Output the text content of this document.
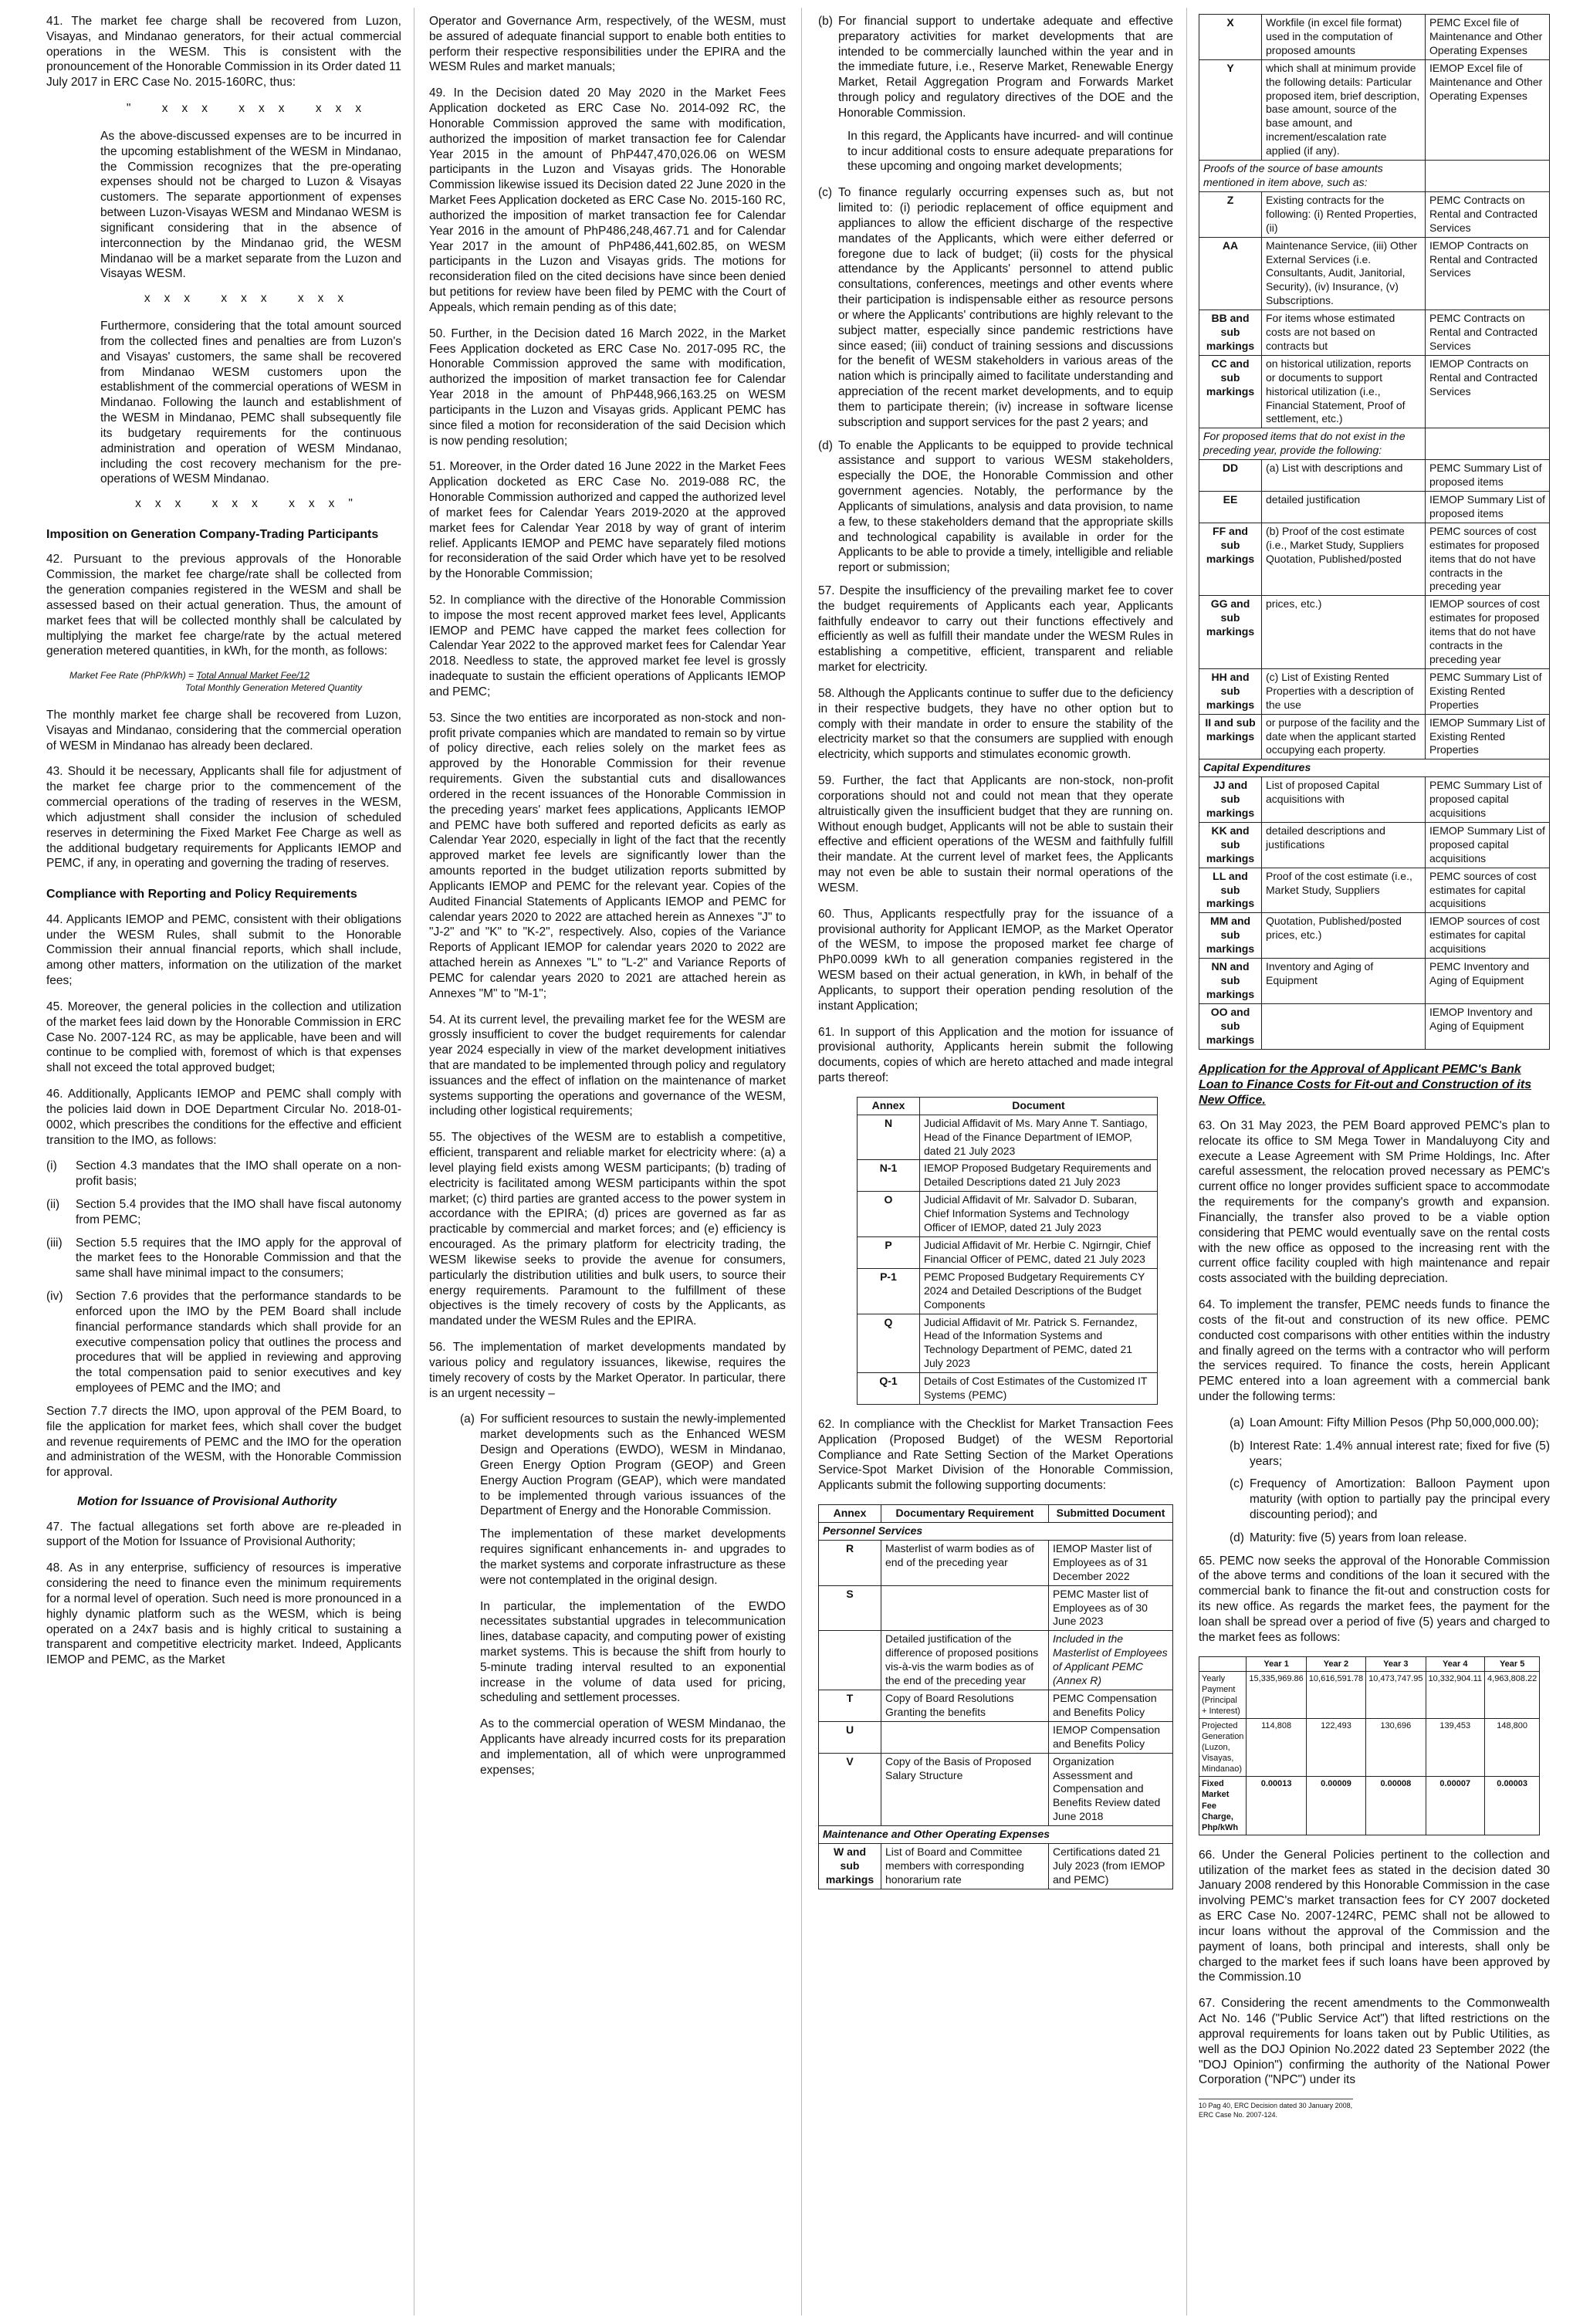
41. The market fee charge shall be recovered from Luzon, Visayas, and Mindanao generators, for their actual commercial operations in the WESM. This is consistent with the pronouncement of the Honorable Commission in its Order dated 11 July 2017 in ERC Case No. 2015-160RC, thus:

" xxx xxx xxx

As the above-discussed expenses are to be incurred in the upcoming establishment of the WESM in Mindanao, the Commission recognizes that the pre-operating expenses should not be charged to Luzon & Visayas customers. The separate apportionment of expenses between Luzon-Visayas WESM and Mindanao WESM is significant considering that in the absence of interconnection by the Mindanao grid, the WESM Mindanao will be a market separate from the Luzon and Visayas WESM.

xxx xxx xxx

Furthermore, considering that the total amount sourced from the collected fines and penalties are from Luzon's and Visayas' customers, the same shall be recovered from Mindanao WESM customers upon the establishment of the commercial operations of WESM in Mindanao. Following the launch and establishment of the WESM in Mindanao, PEMC shall subsequently file its budgetary requirements for the continuous administration and operation of WESM Mindanao, including the cost recovery mechanism for the pre-operations of WESM Mindanao.

xxx xxx xxx"
Imposition on Generation Company-Trading Participants

42. Pursuant to the previous approvals of the Honorable Commission, the market fee charge/rate shall be collected from the generation companies registered in the WESM and shall be assessed based on their actual generation. Thus, the amount of market fees that will be collected monthly shall be calculated by multiplying the market fee charge/rate by the actual metered generation metered quantities, in kWh, for the month, as follows:

Market Fee Rate (PhP/kWh) = Total Annual Market Fee/12
Total Monthly Generation Metered Quantity

The monthly market fee charge shall be recovered from Luzon, Visayas and Mindanao, considering that the commercial operation of WESM in Mindanao has already been declared.

43. Should it be necessary, Applicants shall file for adjustment of the market fee charge prior to the commencement of the commercial operations of the trading of reserves in the WESM, which adjustment shall consider the inclusion of scheduled reserves in determining the Fixed Market Fee Charge as well as the additional budgetary requirements for Applicants IEMOP and PEMC, if any, in operating and governing the trading of reserves.

Compliance with Reporting and Policy Requirements

44. Applicants IEMOP and PEMC, consistent with their obligations under the WESM Rules, shall submit to the Honorable Commission their annual financial reports, which shall include, among other matters, information on the utilization of the market fees;

45. Moreover, the general policies in the collection and utilization of the market fees laid down by the Honorable Commission in ERC Case No. 2007-124 RC, as may be applicable, have been and will continue to be complied with, foremost of which is that expenses shall not exceed the total approved budget;

46. Additionally, Applicants IEMOP and PEMC shall comply with the policies laid down in DOE Department Circular No. 2018-01-0002, which prescribes the conditions for the effective and efficient transition to the IMO, as follows:

(i)	Section 4.3 mandates that the IMO shall operate on a non-profit basis;
(ii)	Section 5.4 provides that the IMO shall have fiscal autonomy from PEMC;
(iii)	Section 5.5 requires that the IMO apply for the approval of the market fees to the Honorable Commission and that the same shall have minimal impact to the consumers;
(iv)	Section 7.6 provides that the performance standards to be enforced upon the IMO by the PEM Board shall include financial performance standards which shall provide for an executive compensation policy that outlines the process and procedures that will be applied in reviewing and approving the total compensation paid to senior executives and key employees of PEMC and the IMO; and

Section 7.7 directs the IMO, upon approval of the PEM Board, to file the application for market fees, which shall cover the budget and revenue requirements of PEMC and the IMO for the operation and administration of the WESM, with the Honorable Commission for approval.

Motion for Issuance of Provisional Authority

47. The factual allegations set forth above are re-pleaded in support of the Motion for Issuance of Provisional Authority;

48. As in any enterprise, sufficiency of resources is imperative considering the need to finance even the minimum requirements for a normal level of operation. Such need is more pronounced in a highly dynamic platform such as the WESM, which is being operated on a 24x7 basis and is highly critical to sustaining a transparent and competitive electricity market. Indeed, Applicants IEMOP and PEMC, as the Market

Operator and Governance Arm, respectively, of the WESM, must be assured of adequate financial support to enable both entities to perform their respective responsibilities under the EPIRA and the WESM Rules and market manuals;

49. In the Decision dated 20 May 2020 in the Market Fees Application docketed as ERC Case No. 2014-092 RC, the Honorable Commission approved the same with modification, authorized the imposition of market transaction fee for Calendar Year 2015 in the amount of PhP447,470,026.06 on WESM participants in the Luzon and Visayas grids. The Honorable Commission likewise issued its Decision dated 22 June 2020 in the Market Fees Application docketed as ERC Case No. 2015-160 RC, authorized the imposition of market transaction fee for Calendar Year 2016 in the amount of PhP486,248,467.71 and for Calendar Year 2017 in the amount of PhP486,441,602.85, on WESM participants in the Luzon and Visayas grids. The motions for reconsideration filed on the cited decisions have since been denied but petitions for review have been filed by PEMC with the Court of Appeals, which remain pending as of this date;

50. Further, in the Decision dated 16 March 2022, in the Market Fees Application docketed as ERC Case No. 2017-095 RC, the Honorable Commission approved the same with modification, authorized the imposition of market transaction fee for Calendar Year 2018 in the amount of PhP448,966,163.25 on WESM participants in the Luzon and Visayas grids. Applicant PEMC has since filed a motion for reconsideration of the said Decision which is now pending resolution;

51. Moreover, in the Order dated 16 June 2022 in the Market Fees Application docketed as ERC Case No. 2019-088 RC, the Honorable Commission authorized and capped the authorized level of market fees for Calendar Years 2019-2020 at the approved market fees for Calendar Year 2018 by way of grant of interim relief. Applicants IEMOP and PEMC have separately filed motions for reconsideration of the said Order which have yet to be resolved by the Honorable Commission;

52. In compliance with the directive of the Honorable Commission to impose the most recent approved market fees level, Applicants IEMOP and PEMC have capped the market fees collection for Calendar Year 2022 to the approved market fees for Calendar Year 2018. Needless to state, the approved market fee level is grossly inadequate to sustain the efficient operations of Applicants IEMOP and PEMC;

53. Since the two entities are incorporated as non-stock and non-profit private companies which are mandated to remain so by virtue of policy directive, each relies solely on the market fees as approved by the Honorable Commission for their revenue requirements. Given the substantial cuts and disallowances ordered in the recent issuances of the Honorable Commission in the preceding years' market fees applications, Applicants IEMOP and PEMC have both suffered and reported deficits as early as Calendar Year 2020, especially in light of the fact that the recently approved market fee levels are significantly lower than the amounts reported in the budget utilization reports submitted by Applicants IEMOP and PEMC for the relevant year. Copies of the Audited Financial Statements of Applicants IEMOP and PEMC for calendar years 2020 to 2022 are attached herein as Annexes "J" to "J-2" and "K" to "K-2", respectively. Also, copies of the Variance Reports of Applicant IEMOP for calendar years 2020 to 2022 are attached herein as Annexes "L" to "L-2" and Variance Reports of PEMC for calendar years 2020 to 2021 are attached herein as Annexes "M" to "M-1";

54. At its current level, the prevailing market fee for the WESM are grossly insufficient to cover the budget requirements for calendar year 2024 especially in view of the market development initiatives that are mandated to be implemented through policy and regulatory issuances and the effect of inflation on the maintenance of market systems supporting the operations and governance of the WESM, including other logistical requirements;

55. The objectives of the WESM are to establish a competitive, efficient, transparent and reliable market for electricity where: (a) a level playing field exists among WESM participants; (b) trading of electricity is facilitated among WESM participants within the spot market; (c) third parties are granted access to the power system in accordance with the EPIRA; (d) prices are governed as far as practicable by commercial and market forces; and (e) efficiency is encouraged. As the primary platform for electricity trading, the WESM likewise seeks to provide the avenue for consumers, particularly the distribution utilities and bulk users, to source their energy requirements. Paramount to the fulfillment of these objectives is the timely recovery of costs by the Applicants, as mandated under the WESM Rules and the EPIRA.

56. The implementation of market developments mandated by various policy and regulatory issuances, likewise, requires the timely recovery of costs by the Market Operator. In particular, there is an urgent necessity –

(a) For sufficient resources to sustain the newly-implemented market developments such as the Enhanced WESM Design and Operations (EWDO), WESM in Mindanao, Green Energy Option Program (GEOP) and Green Energy Auction Program (GEAP), which were mandated to be implemented through various issuances of the Department of Energy and the Honorable Commission.

The implementation of these market developments requires significant enhancements in- and upgrades to the market systems and corporate infrastructure as these were not contemplated in the original design.

In particular, the implementation of the EWDO necessitates substantial upgrades in telecommunication lines, database capacity, and computing power of existing market systems. This is because the shift from hourly to 5-minute trading interval resulted to an exponential increase in the volume of data used for pricing, scheduling and settlement processes.

As to the commercial operation of WESM Mindanao, the Applicants have already incurred costs for its preparation and implementation, all of which were unprogrammed expenses;

(b) For financial support to undertake adequate and effective preparatory activities for market developments that are intended to be commercially launched within the year and in the immediate future, i.e., Reserve Market, Renewable Energy Market, Retail Aggregation Program and Forwards Market through policy and regulatory directives of the DOE and the Honorable Commission.

In this regard, the Applicants have incurred- and will continue to incur additional costs to ensure adequate preparations for these upcoming and ongoing market developments;

(c) To finance regularly occurring expenses such as, but not limited to: (i) periodic replacement of office equipment and appliances to allow the efficient discharge of the respective mandates of the Applicants, which were either deferred or foregone due to lack of budget; (ii) costs for the physical attendance by the Applicants' personnel to attend public consultations, conferences, meetings and other events where their participation is indispensable either as resource persons or where the Applicants' contributions are highly relevant to the subject matter, especially since pandemic restrictions have since eased; (iii) conduct of training sessions and discussions for the benefit of WESM stakeholders in various areas of the nation which is principally aimed to facilitate understanding and appreciation of the recent market developments, and to equip them to participate therein; (iv) increase in software license subscription and support services for the past 2 years; and
(d) To enable the Applicants to be equipped to provide technical assistance and support to various WESM stakeholders, especially the DOE, the Honorable Commission and other government agencies. Notably, the performance by the Applicants of simulations, analysis and data provision, to name a few, to these stakeholders demand that the appropriate skills and technological capability is available in order for the Applicants to be able to provide a timely, intelligible and reliable report or submission;

57. Despite the insufficiency of the prevailing market fee to cover the budget requirements of Applicants each year, Applicants faithfully endeavor to carry out their functions effectively and efficiently as well as fulfill their mandate under the WESM Rules in establishing a competitive, efficient, transparent and reliable market for electricity.

58. Although the Applicants continue to suffer due to the deficiency in their respective budgets, they have no other option but to comply with their mandate in order to ensure the stability of the electricity market so that the consumers are supplied with enough electricity, which supports and stimulates economic growth.

59. Further, the fact that Applicants are non-stock, non-profit corporations should not and could not mean that they operate altruistically given the insufficient budget that they are running on. Without enough budget, Applicants will not be able to sustain their effective and efficient operations of the WESM and faithfully fulfill their mandate. At the current level of market fees, the Applicants may not even be able to sustain their normal operations of the WESM.

60. Thus, Applicants respectfully pray for the issuance of a provisional authority for Applicant IEMOP, as the Market Operator of the WESM, to impose the proposed market fee charge of PhP0.0099 kWh to all generation companies registered in the WESM based on their actual generation, in kWh, in behalf of the Applicants, to support their operation pending resolution of the instant Application;

61. In support of this Application and the motion for issuance of provisional authority, Applicants herein submit the following documents, copies of which are hereto attached and made integral parts thereof:

Annex	Document
N	Judicial Affidavit of Ms. Mary Anne T. Santiago, Head of the Finance Department of IEMOP, dated 21 July 2023
N-1	IEMOP Proposed Budgetary Requirements and Detailed Descriptions dated 21 July 2023
O	Judicial Affidavit of Mr. Salvador D. Subaran, Chief Information Systems and Technology Officer of IEMOP, dated 21 July 2023
P	Judicial Affidavit of Mr. Herbie C. Ngirngir, Chief Financial Officer of PEMC, dated 21 July 2023
P-1	PEMC Proposed Budgetary Requirements CY 2024 and Detailed Descriptions of the Budget Components
Q	Judicial Affidavit of Mr. Patrick S. Fernandez, Head of the Information Systems and Technology Department of PEMC, dated 21 July 2023
Q-1	Details of Cost Estimates of the Customized IT Systems (PEMC)

62. In compliance with the Checklist for Market Transaction Fees Application (Proposed Budget) of the WESM Reportorial Compliance and Rate Setting Section of the Market Operations Service-Spot Market Division of the Honorable Commission, Applicants submit the following supporting documents:

Annex	Documentary Requirement	Submitted Document
Personnel Services		
R	Masterlist of warm bodies as of end of the preceding year	IEMOP Master list of Employees as of 31 December 2022
S		PEMC Master list of Employees as of 30 June 2023
	Detailed justification of the difference of proposed positions vis-à-vis the warm bodies as of the end of the preceding year	Included in the Masterlist of Employees of Applicant PEMC (Annex R)
T	Copy of Board Resolutions Granting the benefits	PEMC Compensation and Benefits Policy
U		IEMOP Compensation and Benefits Policy
V	Copy of the Basis of Proposed Salary Structure	Organization Assessment and Compensation and Benefits Review dated June 2018
Maintenance and Other Operating Expenses		
W and sub markings	List of Board and Committee members with corresponding honorarium rate	Certifications dated 21 July 2023 (from IEMOP and PEMC)
X	Workfile (in excel file format) used in the computation of proposed amounts	PEMC Excel file of Maintenance and Other Operating Expenses
Y	which shall at minimum provide the following details: Particular proposed item, brief description, base amount, source of the base amount, and increment/escalation rate applied (if any).	IEMOP Excel file of Maintenance and Other Operating Expenses
Proofs of the source of base amounts mentioned in item above, such as:		
Z	Existing contracts for the following: (i) Rented Properties, (ii)	PEMC Contracts on Rental and Contracted Services
AA	Maintenance Service, (iii) Other External Services (i.e. Consultants, Audit, Janitorial, Security), (iv) Insurance, (v) Subscriptions.	IEMOP Contracts on Rental and Contracted Services
BB and sub markings	For items whose estimated costs are not based on contracts but	PEMC Contracts on Rental and Contracted Services
CC and sub markings	on historical utilization, reports or documents to support historical utilization (i.e., Financial Statement, Proof of settlement, etc.)	IEMOP Contracts on Rental and Contracted Services
For proposed items that do not exist in the preceding year, provide the following:		
DD	(a) List with descriptions and	PEMC Summary List of proposed items
EE	detailed justification	IEMOP Summary List of proposed items
FF and sub markings	(b) Proof of the cost estimate (i.e., Market Study, Suppliers Quotation, Published/posted	PEMC sources of cost estimates for proposed items that do not have contracts in the preceding year
GG and sub markings	prices, etc.)	IEMOP sources of cost estimates for proposed items that do not have contracts in the preceding year
HH and sub markings	(c) List of Existing Rented Properties with a description of the use	PEMC Summary List of Existing Rented Properties
II and sub markings	or purpose of the facility and the date when the applicant started occupying each property.	IEMOP Summary List of Existing Rented Properties
Capital Expenditures		
JJ and sub markings	List of proposed Capital acquisitions with	PEMC Summary List of proposed capital acquisitions
KK and sub markings	detailed descriptions and justifications	IEMOP Summary List of proposed capital acquisitions
LL and sub markings	Proof of the cost estimate (i.e., Market Study, Suppliers	PEMC sources of cost estimates for capital acquisitions
MM and sub markings	Quotation, Published/posted prices, etc.)	IEMOP sources of cost estimates for capital acquisitions
NN and sub markings	Inventory and Aging of Equipment	PEMC Inventory and Aging of Equipment
OO and sub markings		IEMOP Inventory and Aging of Equipment
Application for the Approval of Applicant PEMC's Bank Loan to Finance Costs for Fit-out and Construction of its New Office.

63. On 31 May 2023, the PEM Board approved PEMC's plan to relocate its office to SM Mega Tower in Mandaluyong City and execute a Lease Agreement with SM Prime Holdings, Inc. After careful assessment, the relocation proved necessary as PEMC's current office no longer provides sufficient space to accommodate the requirements for the company's growth and expansion. Financially, the transfer also proved to be a viable option considering that PEMC would eventually save on the rental costs with the new office as opposed to the increasing rent with the current office facility coupled with high maintenance and repair costs associated with the building depreciation.

64. To implement the transfer, PEMC needs funds to finance the costs of the fit-out and construction of its new office. PEMC conducted cost comparisons with other entities within the industry and finally agreed on the terms with a contractor who will perform the services required. To finance the costs, herein Applicant PEMC entered into a loan agreement with a commercial bank under the following terms:

(a) Loan Amount: Fifty Million Pesos (Php 50,000,000.00);
(b) Interest Rate: 1.4% annual interest rate; fixed for five (5) years;
(c) Frequency of Amortization: Balloon Payment upon maturity (with option to partially pay the principal every discounting period); and
(d) Maturity: five (5) years from loan release.

65. PEMC now seeks the approval of the Honorable Commission of the above terms and conditions of the loan it secured with the commercial bank to finance the fit-out and construction costs for its new office. As regards the market fees, the payment for the loan shall be spread over a period of five (5) years and charged to the market fees as follows:

	Year 1	Year 2	Year 3	Year 4	Year 5
Yearly Payment (Principal + Interest)	15,335,969.86	10,616,591.78	10,473,747.95	10,332,904.11	4,963,808.22
Projected Generation (Luzon, Visayas, Mindanao)	114,808	122,493	130,696	139,453	148,800
Fixed Market Fee Charge, Php/kWh	0.00013	0.00009	0.00008	0.00007	0.00003

66. Under the General Policies pertinent to the collection and utilization of the market fees as stated in the decision dated 30 January 2008 rendered by this Honorable Commission in the case involving PEMC's market transaction fees for CY 2007 docketed as ERC Case No. 2007-124RC, PEMC shall not be allowed to incur loans without the approval of the Commission and the payment of loans, both principal and interests, shall only be charged to the market fees if such loans have been approved by the Commission.10

67. Considering the recent amendments to the Commonwealth Act No. 146 ("Public Service Act") that lifted restrictions on the approval requirements for loans taken out by Public Utilities, as well as the DOJ Opinion No.2022 dated 23 September 2022 (the "DOJ Opinion") confirming the authority of the National Power Corporation ("NPC") under its

10 Pag 40, ERC Decision dated 30 January 2008, ERC Case No. 2007-124.
